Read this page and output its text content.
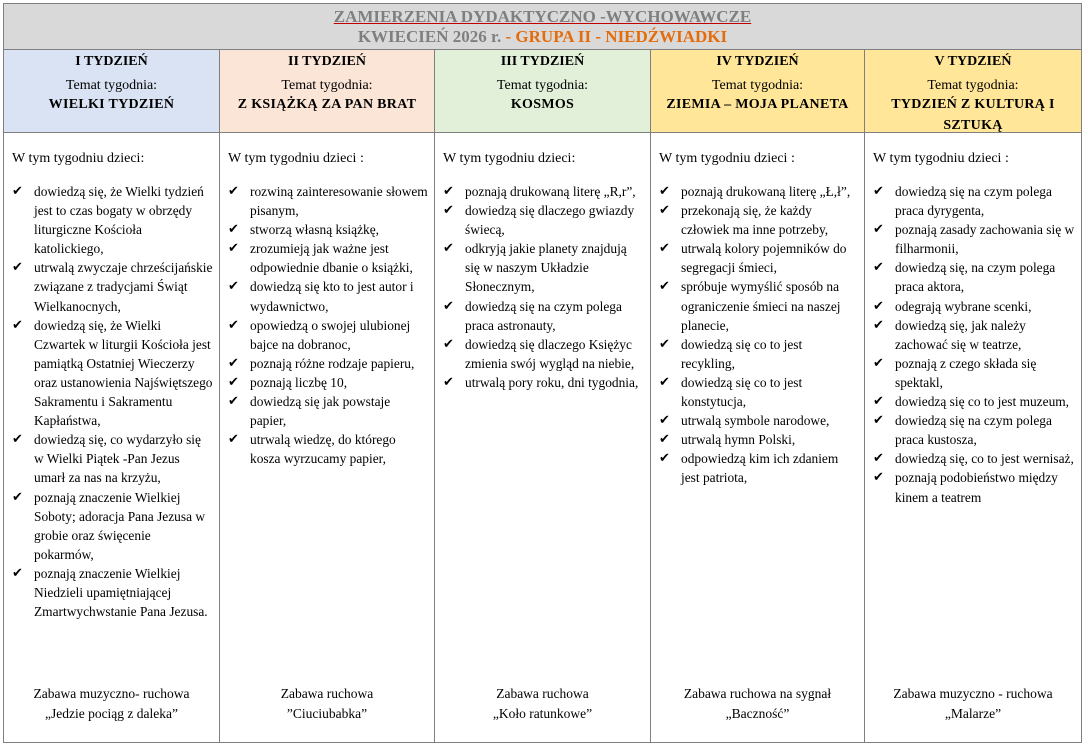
ZAMIERZENIA DYDAKTYCZNO -WYCHOWAWCZE
KWIECIEŃ 2026 r. - GRUPA II - NIEDŹWIADKI
I TYDZIEŃ
Temat tygodnia:
WIELKI TYDZIEŃ
W tym tygodniu dzieci:
✔ dowiedzą się, że Wielki tydzień jest to czas bogaty w obrzędy liturgiczne Kościoła katolickiego,
✔ utrwalą zwyczaje chrześcijańskie związane z tradycjami Świąt Wielkanocnych,
✔ dowiedzą się, że Wielki Czwartek w liturgii Kościoła jest pamiątką Ostatniej Wieczerzy oraz ustanowienia Najświętszego Sakramentu i Sakramentu Kapłaństwa,
✔ dowiedzą się, co wydarzyło się w Wielki Piątek -Pan Jezus umarł za nas na krzyżu,
✔ poznają znaczenie Wielkiej Soboty; adoracja Pana Jezusa w grobie oraz święcenie pokarmów,
✔ poznają znaczenie Wielkiej Niedzieli upamiętniającej Zmartwychwstanie Pana Jezusa.
Zabawa muzyczno- ruchowa
„Jedzie pociąg z daleka”
II TYDZIEŃ
Temat tygodnia:
Z KSIĄŻKĄ ZA PAN BRAT
W tym tygodniu dzieci :
✔ rozwiną zainteresowanie słowem pisanym,
✔ stworzą własną książkę,
✔ zrozumieją jak ważne jest odpowiednie dbanie o książki,
✔ dowiedzą się kto to jest autor i wydawnictwo,
✔ opowiedzą o swojej ulubionej bajce na dobranoc,
✔ poznają różne rodzaje papieru,
✔ poznają liczbę 10,
✔ dowiedzą się jak powstaje papier,
✔ utrwalą wiedzę, do którego kosza wyrzucamy papier,
Zabawa ruchowa
”Ciuciubabka”
III TYDZIEŃ
Temat tygodnia:
KOSMOS
W tym tygodniu dzieci:
✔ poznają drukowaną literę „R,r”,
✔ dowiedzą się dlaczego gwiazdy świecą,
✔ odkryją jakie planety znajdują się w naszym Układzie Słonecznym,
✔ dowiedzą się na czym polega praca astronauty,
✔ dowiedzą się dlaczego Księżyc zmienia swój wygląd na niebie,
✔ utrwalą pory roku, dni tygodnia,
Zabawa ruchowa
„Koło ratunkowe”
IV TYDZIEŃ
Temat tygodnia:
ZIEMIA – MOJA PLANETA
W tym tygodniu dzieci :
✔ poznają drukowaną literę „Ł,ł”,
✔ przekonają się, że każdy człowiek ma inne potrzeby,
✔ utrwalą kolory pojemników do segregacji śmieci,
✔ spróbuje wymyślić sposób na ograniczenie śmieci na naszej planecie,
✔ dowiedzą się co to jest recykling,
✔ dowiedzą się co to jest konstytucja,
✔ utrwalą symbole narodowe,
✔ utrwalą hymn Polski,
✔ odpowiedzą kim ich zdaniem jest patriota,
Zabawa ruchowa na sygnał
„Baczność”
V TYDZIEŃ
Temat tygodnia:
TYDZIEŃ Z KULTURĄ I SZTUKĄ
W tym tygodniu dzieci :
✔ dowiedzą się na czym polega praca dyrygenta,
✔ poznają zasady zachowania się w filharmonii,
✔ dowiedzą się, na czym polega praca aktora,
✔ odegrają wybrane scenki,
✔ dowiedzą się, jak należy zachować się w teatrze,
✔ poznają z czego składa się spektakl,
✔ dowiedzą się co to jest muzeum,
✔ dowiedzą się na czym polega praca kustosza,
✔ dowiedzą się, co to jest wernisaż,
✔ poznają podobieństwo między kinem a teatrem
Zabawa muzyczno - ruchowa
„Malarze”
